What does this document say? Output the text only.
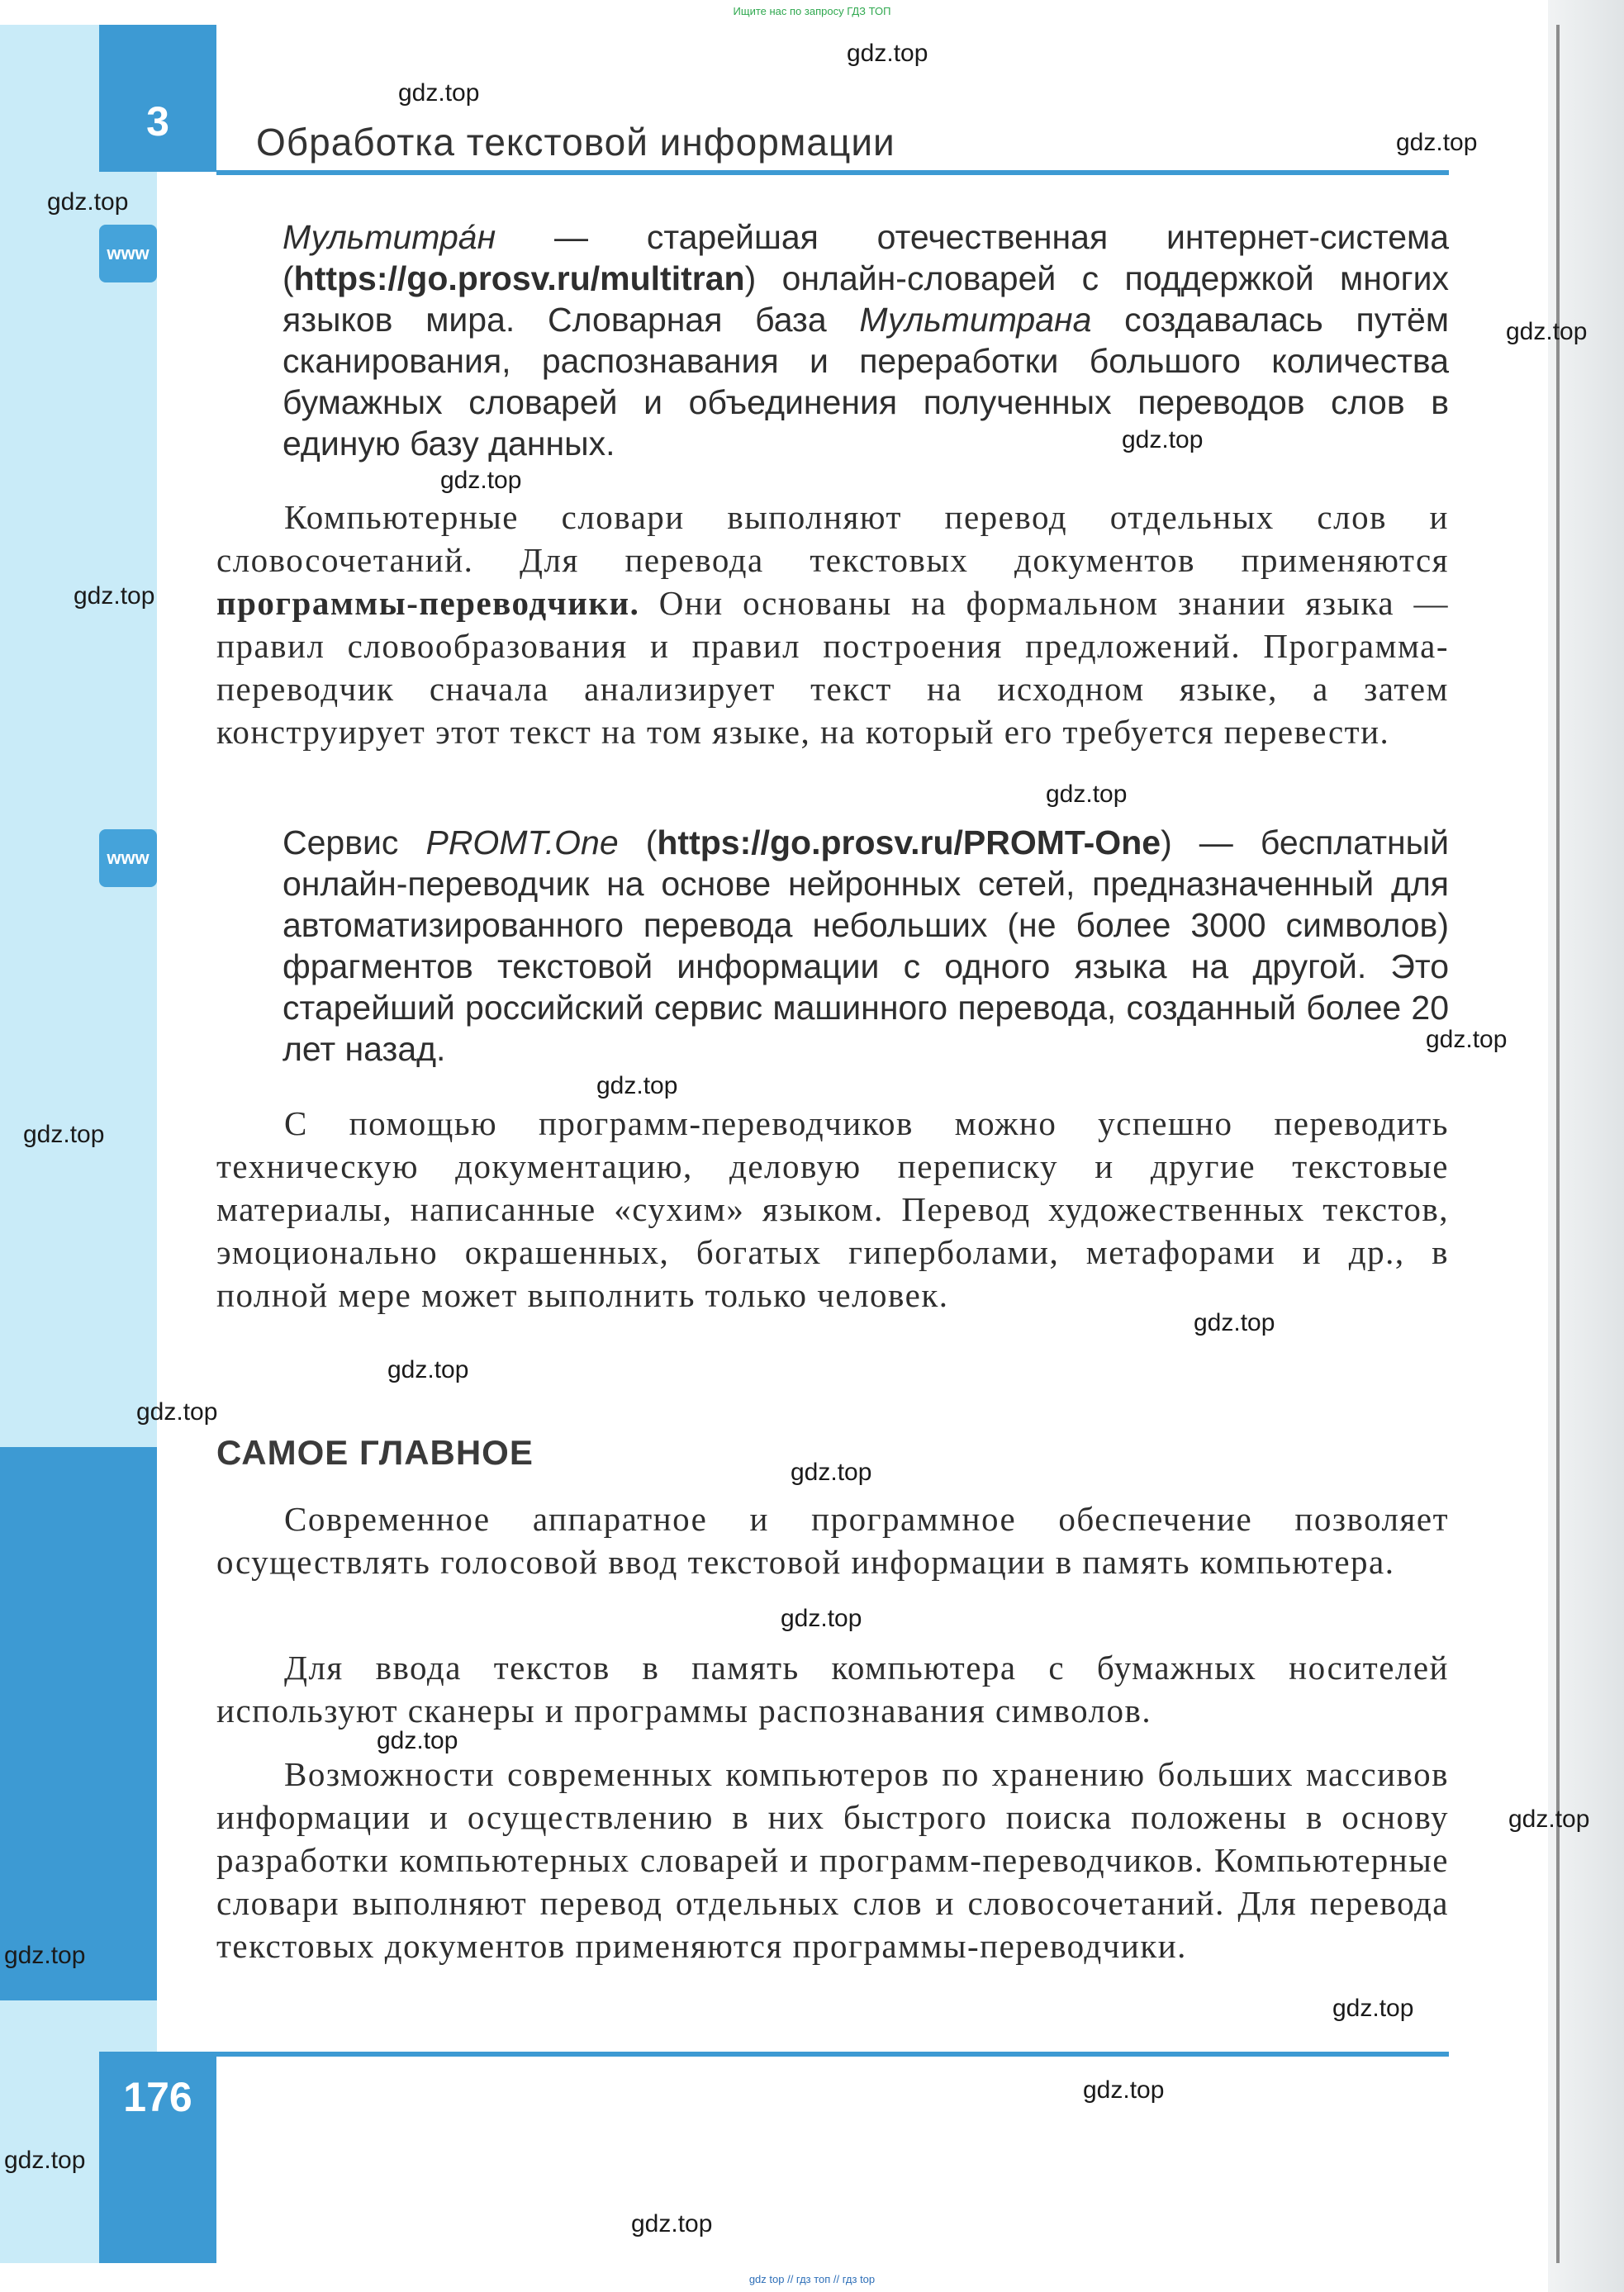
Ищите нас по запросу ГДЗ ТОП
3	Обработка текстовой информации
www	Мультитра́н — старейшая отечественная интернет-система (https://go.prosv.ru/multitran) онлайн-словарей с поддержкой многих языков мира. Словарная база Мультитрана создавалась путём сканирования, распознавания и переработки большого количества бумажных словарей и объединения полученных переводов слов в единую базу данных.

Компьютерные словари выполняют перевод отдельных слов и словосочетаний. Для перевода текстовых документов применяются программы-переводчики. Они основаны на формальном знании языка — правил словообразования и правил построения предложений. Программа-переводчик сначала анализирует текст на исходном языке, а затем конструирует этот текст на том языке, на который его требуется перевести.

www	Сервис PROMT.One (https://go.prosv.ru/PROMT-One) — бесплатный онлайн-переводчик на основе нейронных сетей, предназначенный для автоматизированного перевода небольших (не более 3000 символов) фрагментов текстовой информации с одного языка на другой. Это старейший российский сервис машинного перевода, созданный более 20 лет назад.

С помощью программ-переводчиков можно успешно переводить техническую документацию, деловую переписку и другие текстовые материалы, написанные «сухим» языком. Перевод художественных текстов, эмоционально окрашенных, богатых гиперболами, метафорами и др., в полной мере может выполнить только человек.

САМОЕ ГЛАВНОЕ

Современное аппаратное и программное обеспечение позволяет осуществлять голосовой ввод текстовой информации в память компьютера.

Для ввода текстов в память компьютера с бумажных носителей используют сканеры и программы распознавания символов.

Возможности современных компьютеров по хранению больших массивов информации и осуществлению в них быстрого поиска положены в основу разработки компьютерных словарей и программ-переводчиков. Компьютерные словари выполняют перевод отдельных слов и словосочетаний. Для перевода текстовых документов применяются программы-переводчики.

176
gdz.top
gdz.top
gdz.top
gdz.top
gdz.top
gdz.top
gdz.top
gdz.top
gdz.top
gdz.top
gdz.top
gdz.top
gdz.top
gdz.top
gdz.top
gdz.top
gdz.top
gdz.top
gdz.top
gdz.top
gdz.top
gdz.top
gdz.top
gdz.top
gdz top // гдз топ // гдз top
